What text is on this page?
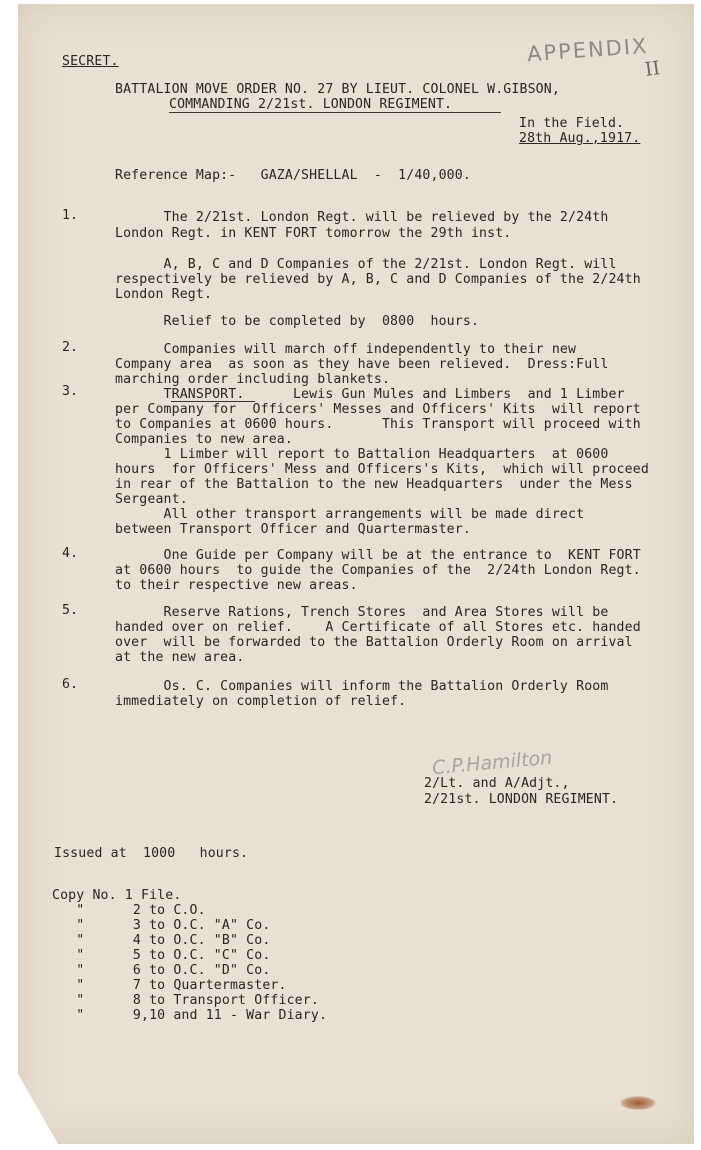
APPENDIX
II
SECRET.
BATTALION MOVE ORDER NO. 27 BY LIEUT. COLONEL W.GIBSON,
COMMANDING 2/21st. LONDON REGIMENT.
In the Field.
28th Aug.,1917.
Reference Map:-   GAZA/SHELLAL  -  1/40,000.
1.	The 2/21st. London Regt. will be relieved by the 2/24th
London Regt. in KENT FORT tomorrow the 29th inst.
A, B, C and D Companies of the 2/21st. London Regt. will
respectively be relieved by A, B, C and D Companies of the 2/24th
London Regt.
Relief to be completed by  0800  hours.
2.	Companies will march off independently to their new
Company area  as soon as they have been relieved.  Dress:Full
marching order including blankets.
3.	TRANSPORT.      Lewis Gun Mules and Limbers  and 1 Limber
per Company for  Officers' Messes and Officers' Kits  will report
to Companies at 0600 hours.      This Transport will proceed with
Companies to new area.
1 Limber will report to Battalion Headquarters  at 0600
hours  for Officers' Mess and Officers's Kits,  which will proceed
in rear of the Battalion to the new Headquarters  under the Mess
Sergeant.
All other transport arrangements will be made direct
between Transport Officer and Quartermaster.
4.	One Guide per Company will be at the entrance to  KENT FORT
at 0600 hours  to guide the Companies of the  2/24th London Regt.
to their respective new areas.
5.	Reserve Rations, Trench Stores  and Area Stores will be
handed over on relief.    A Certificate of all Stores etc. handed
over  will be forwarded to the Battalion Orderly Room on arrival
at the new area.
6.	Os. C. Companies will inform the Battalion Orderly Room
immediately on completion of relief.
C.P.Hamilton
2/Lt. and A/Adjt.,
2/21st. LONDON REGIMENT.
Issued at  1000   hours.
Copy No. 1 File.
"      2 to C.O.
"      3 to O.C. "A" Co.
"      4 to O.C. "B" Co.
"      5 to O.C. "C" Co.
"      6 to O.C. "D" Co.
"      7 to Quartermaster.
"      8 to Transport Officer.
"      9,10 and 11 - War Diary.
